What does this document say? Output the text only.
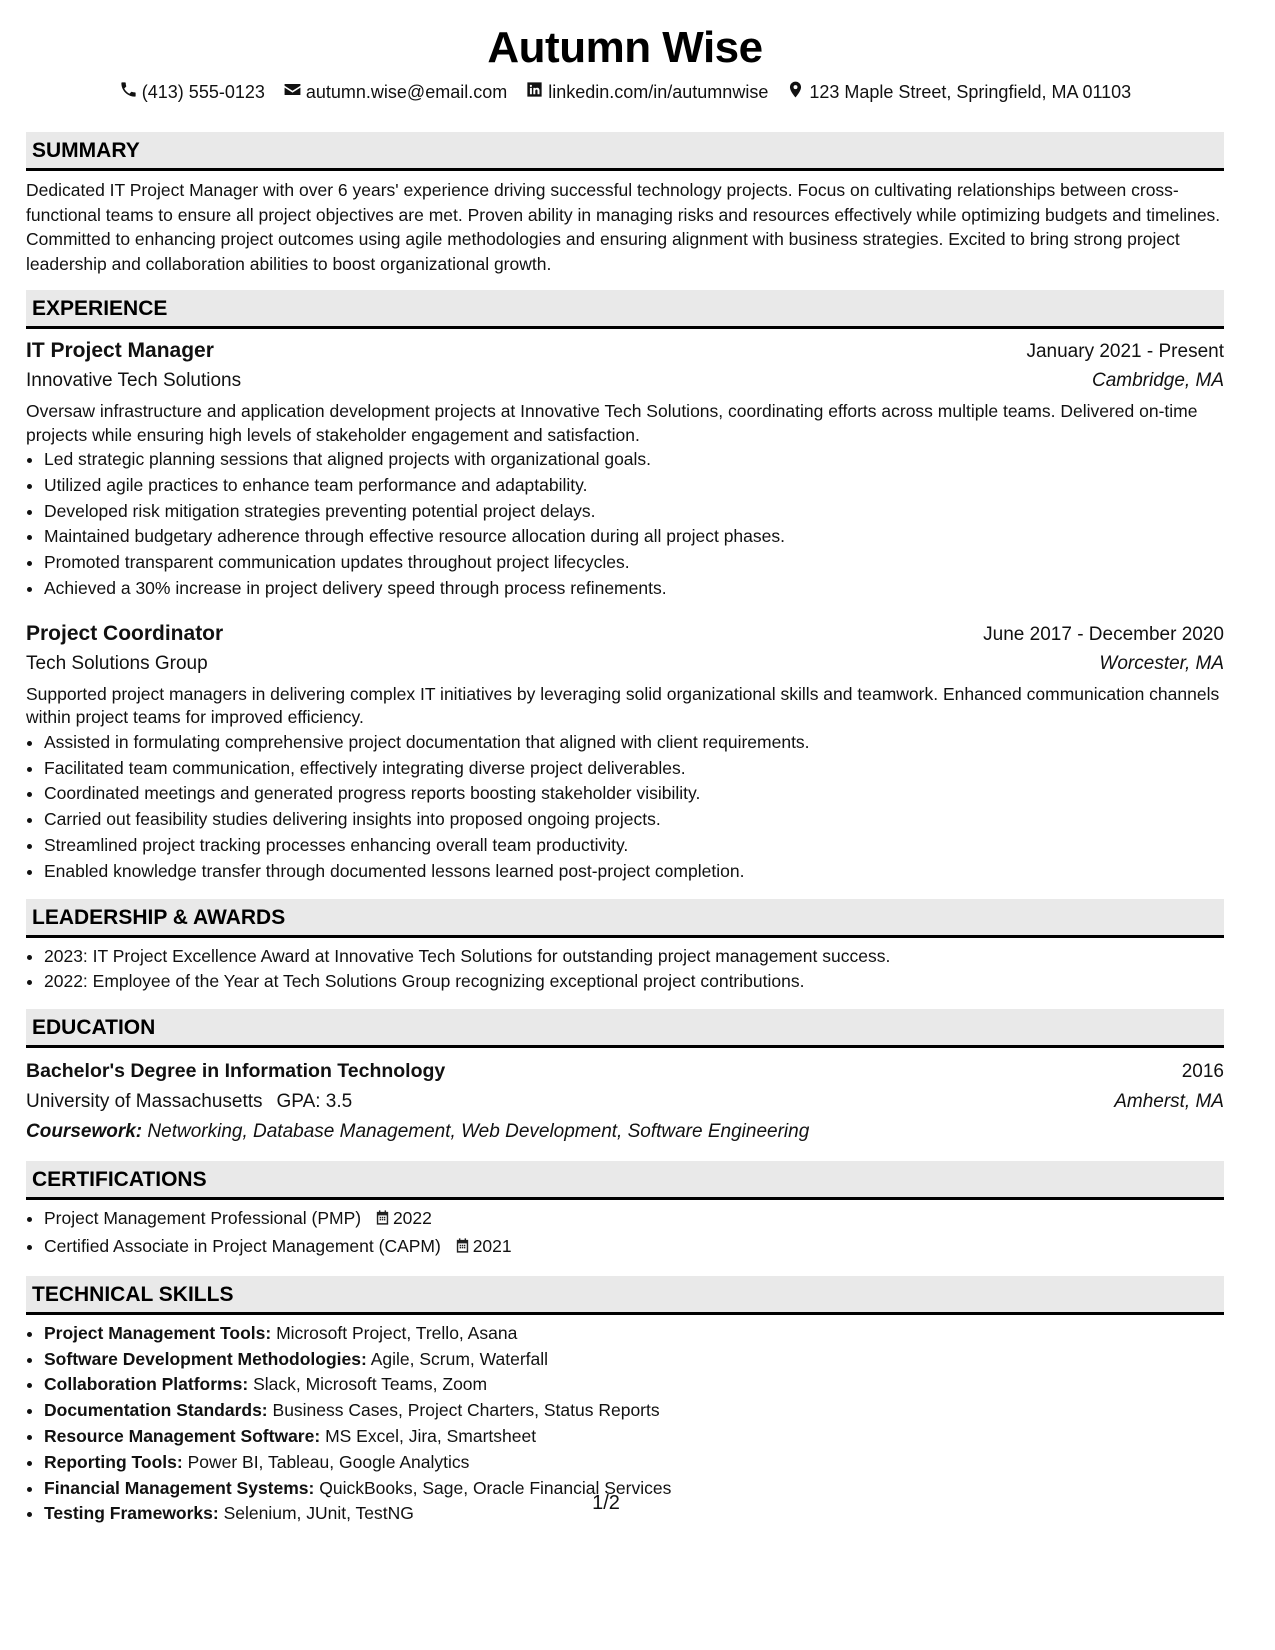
Autumn Wise
(413) 555-0123 autumn.wise@email.com linkedin.com/in/autumnwise 123 Maple Street, Springfield, MA 01103
SUMMARY

Dedicated IT Project Manager with over 6 years' experience driving successful technology projects. Focus on cultivating relationships between cross-functional teams to ensure all project objectives are met. Proven ability in managing risks and resources effectively while optimizing budgets and timelines. Committed to enhancing project outcomes using agile methodologies and ensuring alignment with business strategies. Excited to bring strong project leadership and collaboration abilities to boost organizational growth.

EXPERIENCE
IT Project Manager	January 2021 - Present
Innovative Tech Solutions	Cambridge, MA
Oversaw infrastructure and application development projects at Innovative Tech Solutions, coordinating efforts across multiple teams. Delivered on-time projects while ensuring high levels of stakeholder engagement and satisfaction.
• Led strategic planning sessions that aligned projects with organizational goals.
• Utilized agile practices to enhance team performance and adaptability.
• Developed risk mitigation strategies preventing potential project delays.
• Maintained budgetary adherence through effective resource allocation during all project phases.
• Promoted transparent communication updates throughout project lifecycles.
• Achieved a 30% increase in project delivery speed through process refinements.
Project Coordinator	June 2017 - December 2020
Tech Solutions Group	Worcester, MA
Supported project managers in delivering complex IT initiatives by leveraging solid organizational skills and teamwork. Enhanced communication channels within project teams for improved efficiency.
• Assisted in formulating comprehensive project documentation that aligned with client requirements.
• Facilitated team communication, effectively integrating diverse project deliverables.
• Coordinated meetings and generated progress reports boosting stakeholder visibility.
• Carried out feasibility studies delivering insights into proposed ongoing projects.
• Streamlined project tracking processes enhancing overall team productivity.
• Enabled knowledge transfer through documented lessons learned post-project completion.
LEADERSHIP & AWARDS
• 2023: IT Project Excellence Award at Innovative Tech Solutions for outstanding project management success.
• 2022: Employee of the Year at Tech Solutions Group recognizing exceptional project contributions.
EDUCATION
Bachelor's Degree in Information Technology	2016
University of Massachusetts GPA: 3.5	Amherst, MA
Coursework: Networking, Database Management, Web Development, Software Engineering
CERTIFICATIONS
• Project Management Professional (PMP) 2022
• Certified Associate in Project Management (CAPM) 2021
TECHNICAL SKILLS
• Project Management Tools: Microsoft Project, Trello, Asana
• Software Development Methodologies: Agile, Scrum, Waterfall
• Collaboration Platforms: Slack, Microsoft Teams, Zoom
• Documentation Standards: Business Cases, Project Charters, Status Reports
• Resource Management Software: MS Excel, Jira, Smartsheet
• Reporting Tools: Power BI, Tableau, Google Analytics
• Financial Management Systems: QuickBooks, Sage, Oracle Financial Services
• Testing Frameworks: Selenium, JUnit, TestNG	1/2
